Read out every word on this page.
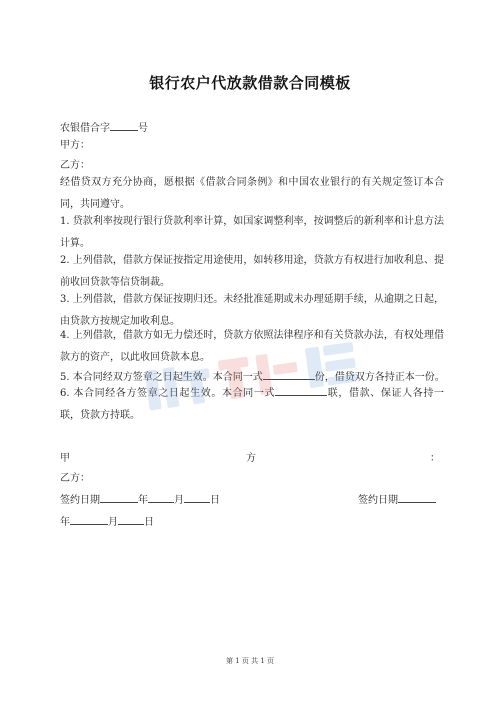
银行农户代放款借款合同模板
农银借合字	号
甲方：
乙方：
经借贷双方充分协商，愿根据《借款合同条例》和中国农业银行的有关规定签订本合同，共同遵守。
1. 贷款利率按现行银行贷款利率计算，如国家调整利率，按调整后的新利率和计息方法计算。
2. 上列借款，借款方保证按指定用途使用，如转移用途，贷款方有权进行加收利息、提前收回贷款等信贷制裁。
3. 上列借款，借款方保证按期归还。未经批准延期或未办理延期手续，从逾期之日起，由贷款方按规定加收利息。
4. 上列借款，借款方如无力偿还时，贷款方依照法律程序和有关贷款办法，有权处理借款方的资产，以此收回贷款本息。
5. 本合同经双方签章之日起生效。本合同一式	份，借贷双方各持正本一份。
6. 本合同经各方签章之日起生效。本合同一式	联，借款、保证人各持一联，贷款方持联。
甲	方	：
乙方：
签约日期	年	月	日	签约日期
年	月	日
第 1 页 共 1 页
